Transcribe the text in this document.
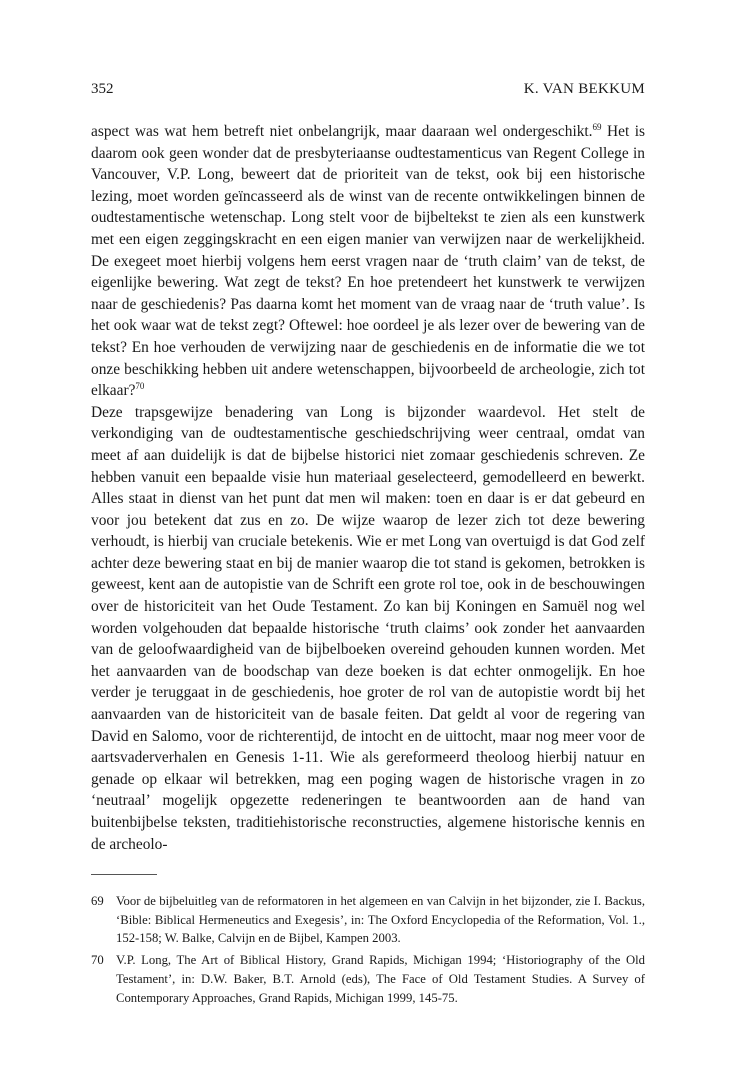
352	K. VAN BEKKUM

aspect was wat hem betreft niet onbelangrijk, maar daaraan wel ondergeschikt.$^{69}$ Het is daarom ook geen wonder dat de presbyteriaanse oudtestamenticus van Regent College in Vancouver, V.P. Long, beweert dat de prioriteit van de tekst, ook bij een historische lezing, moet worden geïncasseerd als de winst van de recente ontwikkelingen binnen de oudtestamentische wetenschap. Long stelt voor de bijbeltekst te zien als een kunstwerk met een eigen zeggingskracht en een eigen manier van verwijzen naar de werkelijkheid. De exegeet moet hierbij volgens hem eerst vragen naar de ‘truth claim’ van de tekst, de eigenlijke bewering. Wat zegt de tekst? En hoe pretendeert het kunstwerk te verwijzen naar de geschiedenis? Pas daarna komt het moment van de vraag naar de ‘truth value’. Is het ook waar wat de tekst zegt? Oftewel: hoe oordeel je als lezer over de bewering van de tekst? En hoe verhouden de verwijzing naar de geschiedenis en de informatie die we tot onze beschikking hebben uit andere wetenschappen, bijvoorbeeld de archeologie, zich tot elkaar?$^{70}$

Deze trapsgewijze benadering van Long is bijzonder waardevol. Het stelt de verkondiging van de oudtestamentische geschiedschrijving weer centraal, omdat van meet af aan duidelijk is dat de bijbelse historici niet zomaar geschiedenis schreven. Ze hebben vanuit een bepaalde visie hun materiaal geselecteerd, gemodelleerd en bewerkt. Alles staat in dienst van het punt dat men wil maken: toen en daar is er dat gebeurd en voor jou betekent dat zus en zo. De wijze waarop de lezer zich tot deze bewering verhoudt, is hierbij van cruciale betekenis. Wie er met Long van overtuigd is dat God zelf achter deze bewering staat en bij de manier waarop die tot stand is gekomen, betrokken is geweest, kent aan de autopistie van de Schrift een grote rol toe, ook in de beschouwingen over de historiciteit van het Oude Testament. Zo kan bij Koningen en Samuël nog wel worden volgehouden dat bepaalde historische ‘truth claims’ ook zonder het aanvaarden van de geloofwaardigheid van de bijbelboeken overeind gehouden kunnen worden. Met het aanvaarden van de boodschap van deze boeken is dat echter onmogelijk. En hoe verder je teruggaat in de geschiedenis, hoe groter de rol van de autopistie wordt bij het aanvaarden van de historiciteit van de basale feiten. Dat geldt al voor de regering van David en Salomo, voor de richterentijd, de intocht en de uittocht, maar nog meer voor de aartsvaderverhalen en Genesis 1-11. Wie als gereformeerd theoloog hierbij natuur en genade op elkaar wil betrekken, mag een poging wagen de historische vragen in zo ‘neutraal’ mogelijk opgezette redeneringen te beantwoorden aan de hand van buitenbijbelse teksten, traditiehistorische reconstructies, algemene historische kennis en de archeolo-

69 Voor de bijbeluitleg van de reformatoren in het algemeen en van Calvijn in het bijzonder, zie I. Backus, ‘Bible: Biblical Hermeneutics and Exegesis’, in: The Oxford Encyclopedia of the Reformation, Vol. 1., 152-158; W. Balke, Calvijn en de Bijbel, Kampen 2003.

70 V.P. Long, The Art of Biblical History, Grand Rapids, Michigan 1994; ‘Historiography of the Old Testament’, in: D.W. Baker, B.T. Arnold (eds), The Face of Old Testament Studies. A Survey of Contemporary Approaches, Grand Rapids, Michigan 1999, 145-75.
